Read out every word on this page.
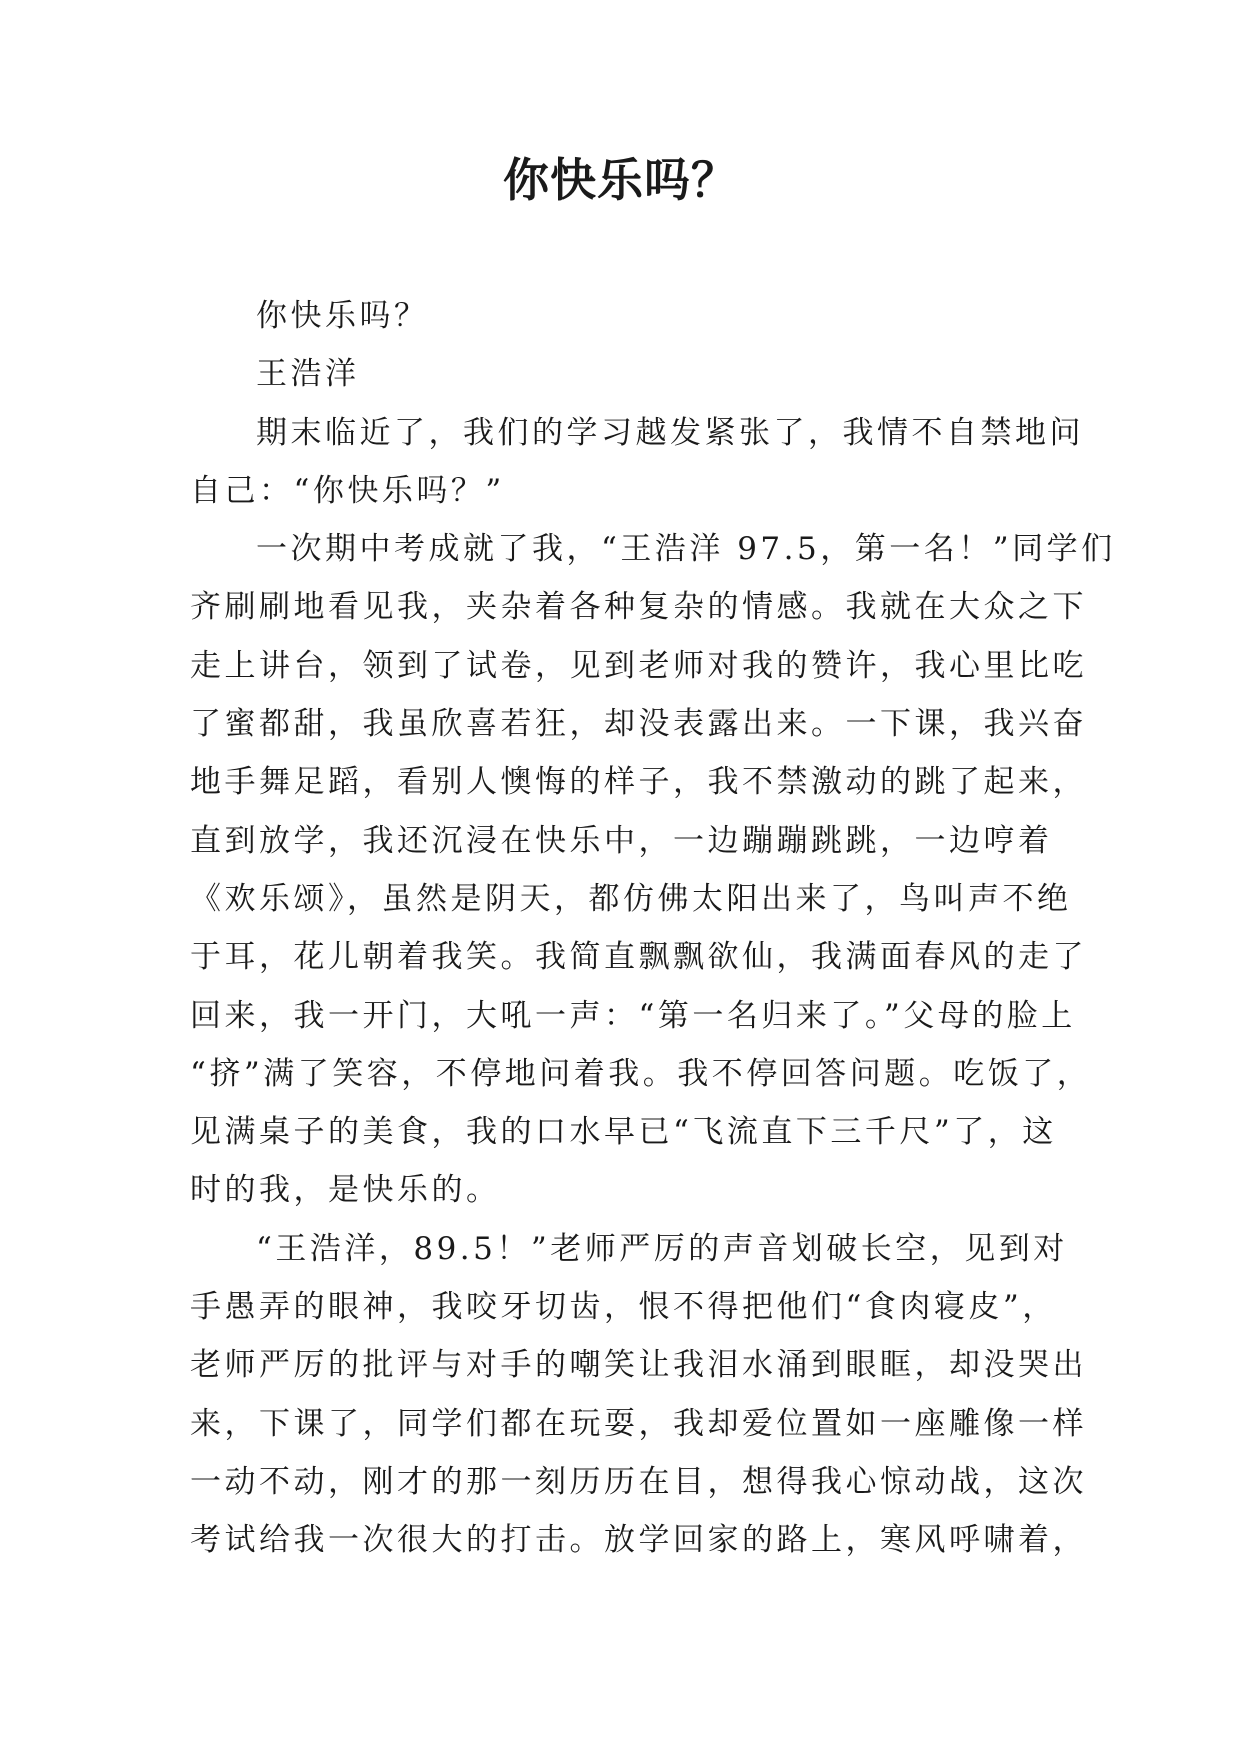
你快乐吗？
你快乐吗？
王浩洋
期末临近了，我们的学习越发紧张了，我情不自禁地问
自己：“你快乐吗？”
一次期中考成就了我，“王浩洋 97.5，第一名！”同学们
齐刷刷地看见我，夹杂着各种复杂的情感。我就在大众之下
走上讲台，领到了试卷，见到老师对我的赞许，我心里比吃
了蜜都甜，我虽欣喜若狂，却没表露出来。一下课，我兴奋
地手舞足蹈，看别人懊悔的样子，我不禁激动的跳了起来，
直到放学，我还沉浸在快乐中，一边蹦蹦跳跳，一边哼着
《欢乐颂》，虽然是阴天，都仿佛太阳出来了，鸟叫声不绝
于耳，花儿朝着我笑。我简直飘飘欲仙，我满面春风的走了
回来，我一开门，大吼一声：“第一名归来了。”父母的脸上
“挤”满了笑容，不停地问着我。我不停回答问题。吃饭了，
见满桌子的美食，我的口水早已“飞流直下三千尺”了，这
时的我，是快乐的。
“王浩洋，89.5！”老师严厉的声音划破长空，见到对
手愚弄的眼神，我咬牙切齿，恨不得把他们“食肉寝皮”，
老师严厉的批评与对手的嘲笑让我泪水涌到眼眶，却没哭出
来，下课了，同学们都在玩耍，我却爱位置如一座雕像一样
一动不动，刚才的那一刻历历在目，想得我心惊动战，这次
考试给我一次很大的打击。放学回家的路上，寒风呼啸着，
